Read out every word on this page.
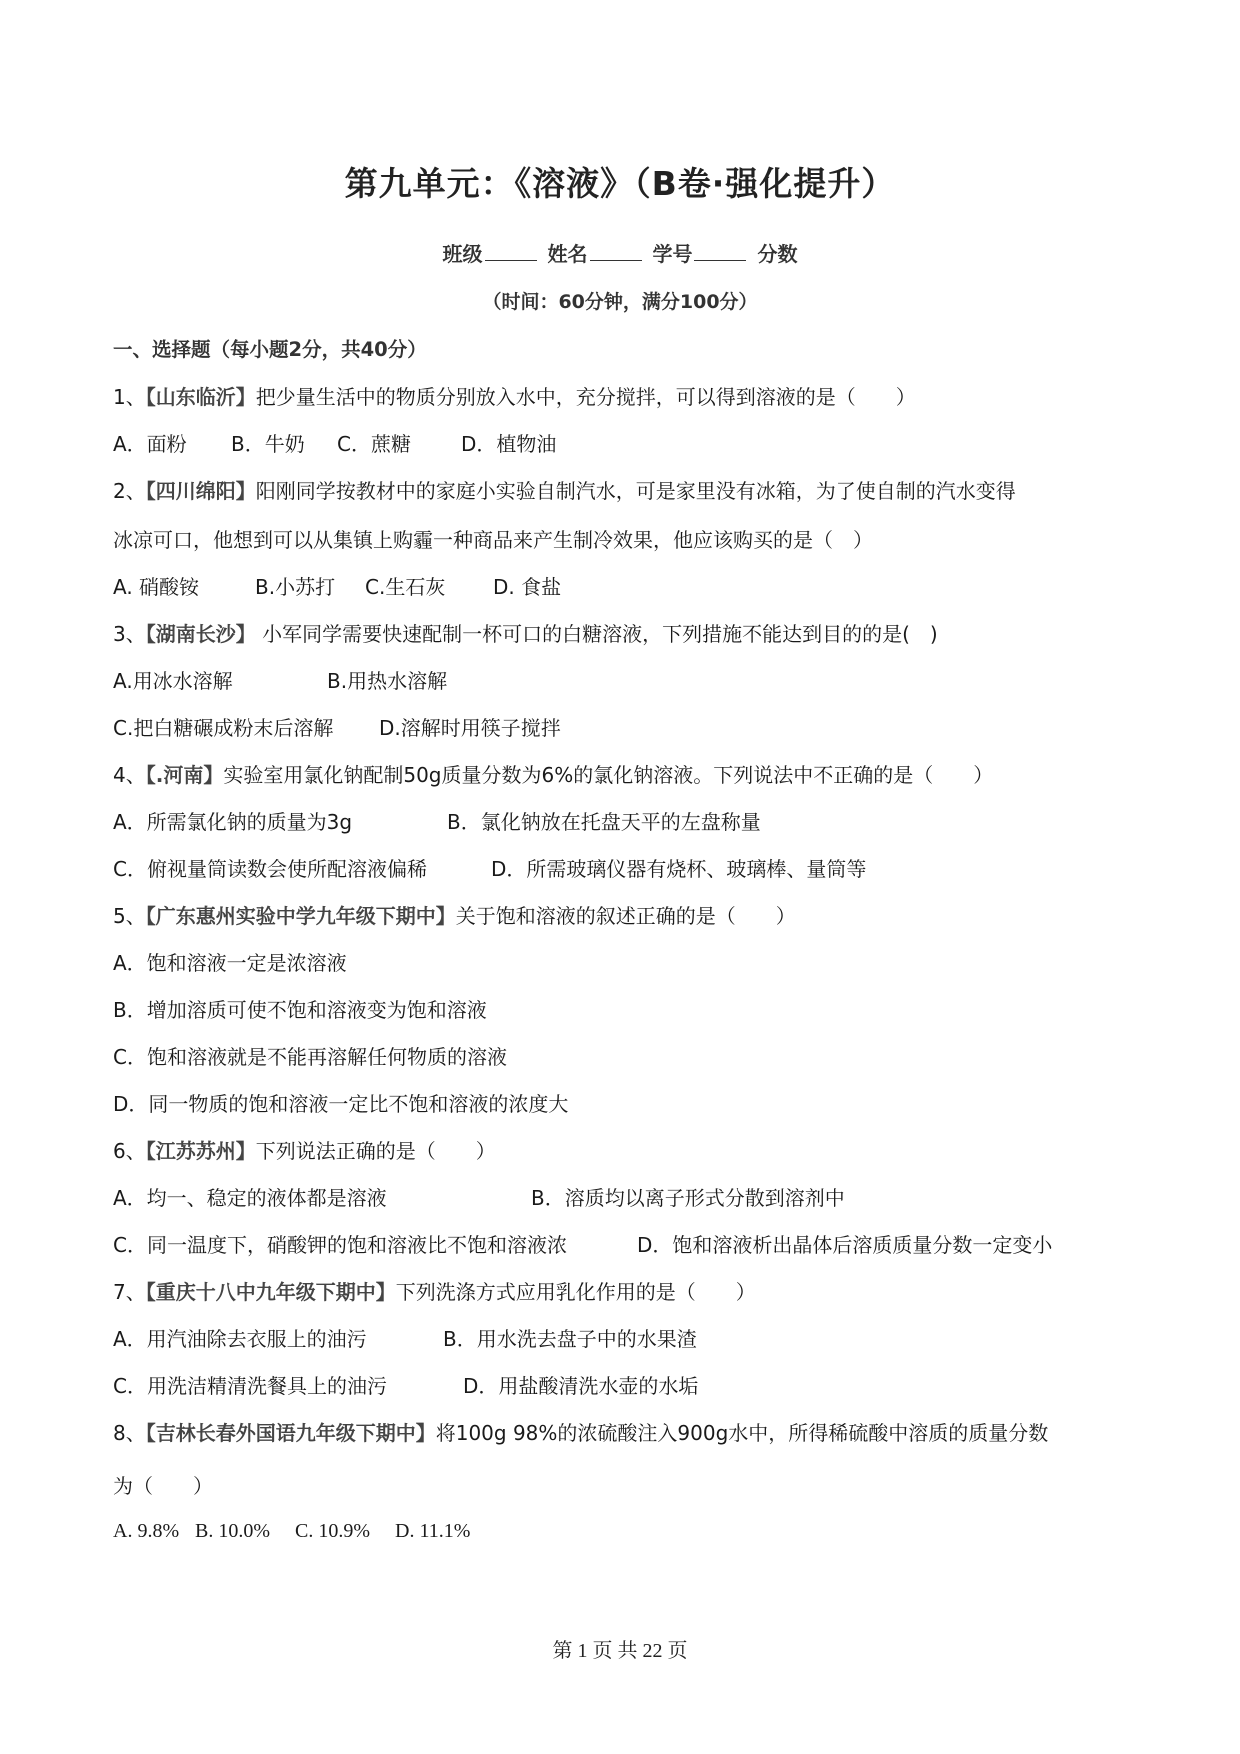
第九单元：《溶液》（B卷·强化提升）
班级	姓名	学号	分数
（时间：60分钟，满分100分）
一、选择题（每小题2分，共40分）
1、【山东临沂】把少量生活中的物质分别放入水中，充分搅拌，可以得到溶液的是（　　）
A．面粉 B．牛奶 C．蔗糖	D．植物油
2、【四川绵阳】阳刚同学按教材中的家庭小实验自制汽水，可是家里没有冰箱，为了使自制的汽水变得
冰凉可口，他想到可以从集镇上购霾一种商品来产生制冷效果，他应该购买的是（　）
A. 硝酸铵	B.小苏打 C.生石灰 D. 食盐
3、【湖南长沙】 小军同学需要快速配制一杯可口的白糖溶液，下列措施不能达到目的的是(　)
A.用冰水溶解	B.用热水溶解
C.把白糖碾成粉末后溶解 D.溶解时用筷子搅拌
4、【.河南】实验室用氯化钠配制50g质量分数为6%的氯化钠溶液。下列说法中不正确的是（　　）
A．所需氯化钠的质量为3g	B．氯化钠放在托盘天平的左盘称量
C．俯视量筒读数会使所配溶液偏稀	D．所需玻璃仪器有烧杯、玻璃棒、量筒等
5、【广东惠州实验中学九年级下期中】关于饱和溶液的叙述正确的是（　　）
A．饱和溶液一定是浓溶液
B．增加溶质可使不饱和溶液变为饱和溶液
C．饱和溶液就是不能再溶解任何物质的溶液
D．同一物质的饱和溶液一定比不饱和溶液的浓度大
6、【江苏苏州】下列说法正确的是（　　）
A．均一、稳定的液体都是溶液	B．溶质均以离子形式分散到溶剂中
C．同一温度下，硝酸钾的饱和溶液比不饱和溶液浓	D．饱和溶液析出晶体后溶质质量分数一定变小
7、【重庆十八中九年级下期中】下列洗涤方式应用乳化作用的是（　　）
A．用汽油除去衣服上的油污	B．用水洗去盘子中的水果渣
C．用洗洁精清洗餐具上的油污	D．用盐酸清洗水壶的水垢
8、【吉林长春外国语九年级下期中】将100g 98%的浓硫酸注入900g水中，所得稀硫酸中溶质的质量分数
为（　　）
A. 9.8% B. 10.0% C. 10.9% D. 11.1%
第 1 页 共 22 页
